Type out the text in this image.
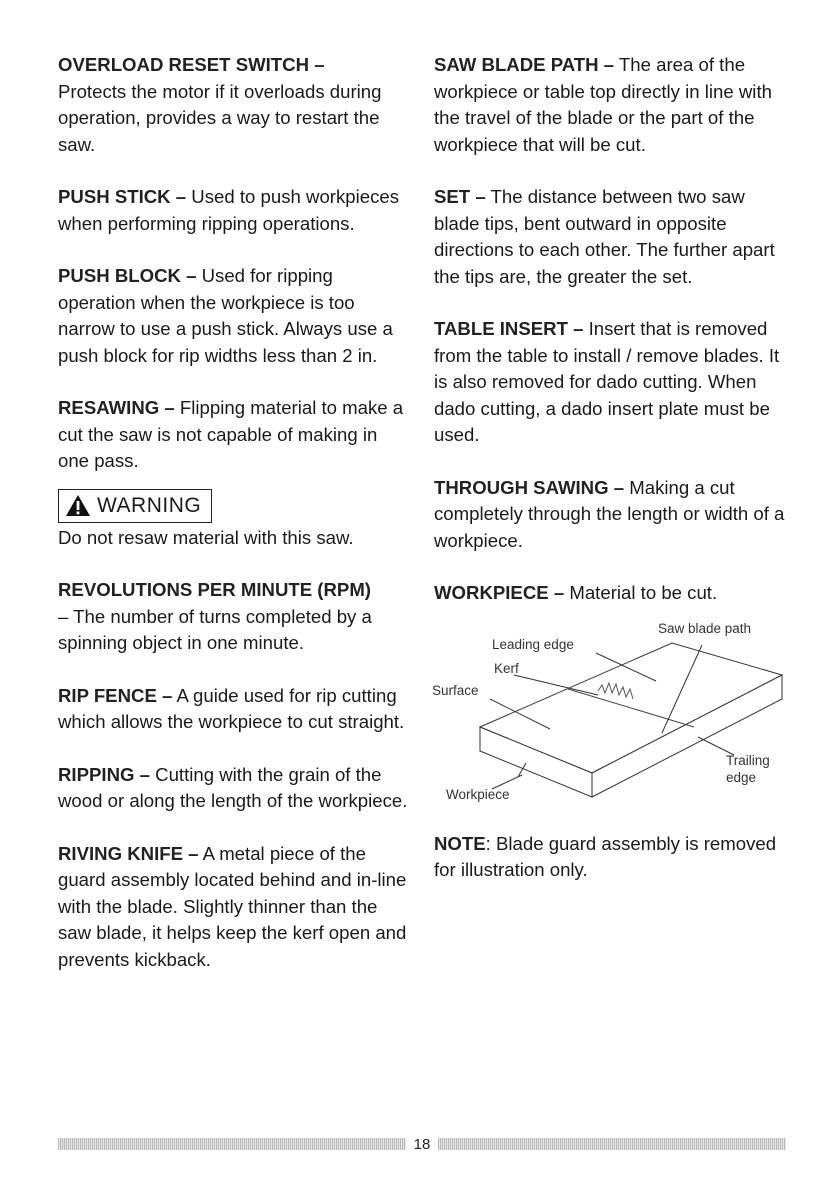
OVERLOAD RESET SWITCH –
Protects the motor if it overloads during operation, provides a way to restart the saw.

PUSH STICK – Used to push workpieces when performing ripping operations.

PUSH BLOCK – Used for ripping operation when the workpiece is too narrow to use a push stick. Always use a push block for rip widths less than 2 in.

RESAWING – Flipping material to make a cut the saw is not capable of making in one pass.

WARNING

Do not resaw material with this saw.

REVOLUTIONS PER MINUTE (RPM)
– The number of turns completed by a spinning object in one minute.

RIP FENCE – A guide used for rip cutting which allows the workpiece to cut straight.

RIPPING – Cutting with the grain of the wood or along the length of the workpiece.

RIVING KNIFE – A metal piece of the guard assembly located behind and in-line with the blade. Slightly thinner than the saw blade, it helps keep the kerf open and prevents kickback.

SAW BLADE PATH – The area of the workpiece or table top directly in line with the travel of the blade or the part of the workpiece that will be cut.

SET – The distance between two saw blade tips, bent outward in opposite directions to each other. The further apart the tips are, the greater the set.

TABLE INSERT – Insert that is removed from the table to install / remove blades. It is also removed for dado cutting. When dado cutting, a dado insert plate must be used.

THROUGH SAWING – Making a cut completely through the length or width of a workpiece.

WORKPIECE – Material to be cut.

Saw blade path
Leading edge
Kerf
Surface
Trailing
edge
Workpiece

NOTE: Blade guard assembly is removed for illustration only.

18
